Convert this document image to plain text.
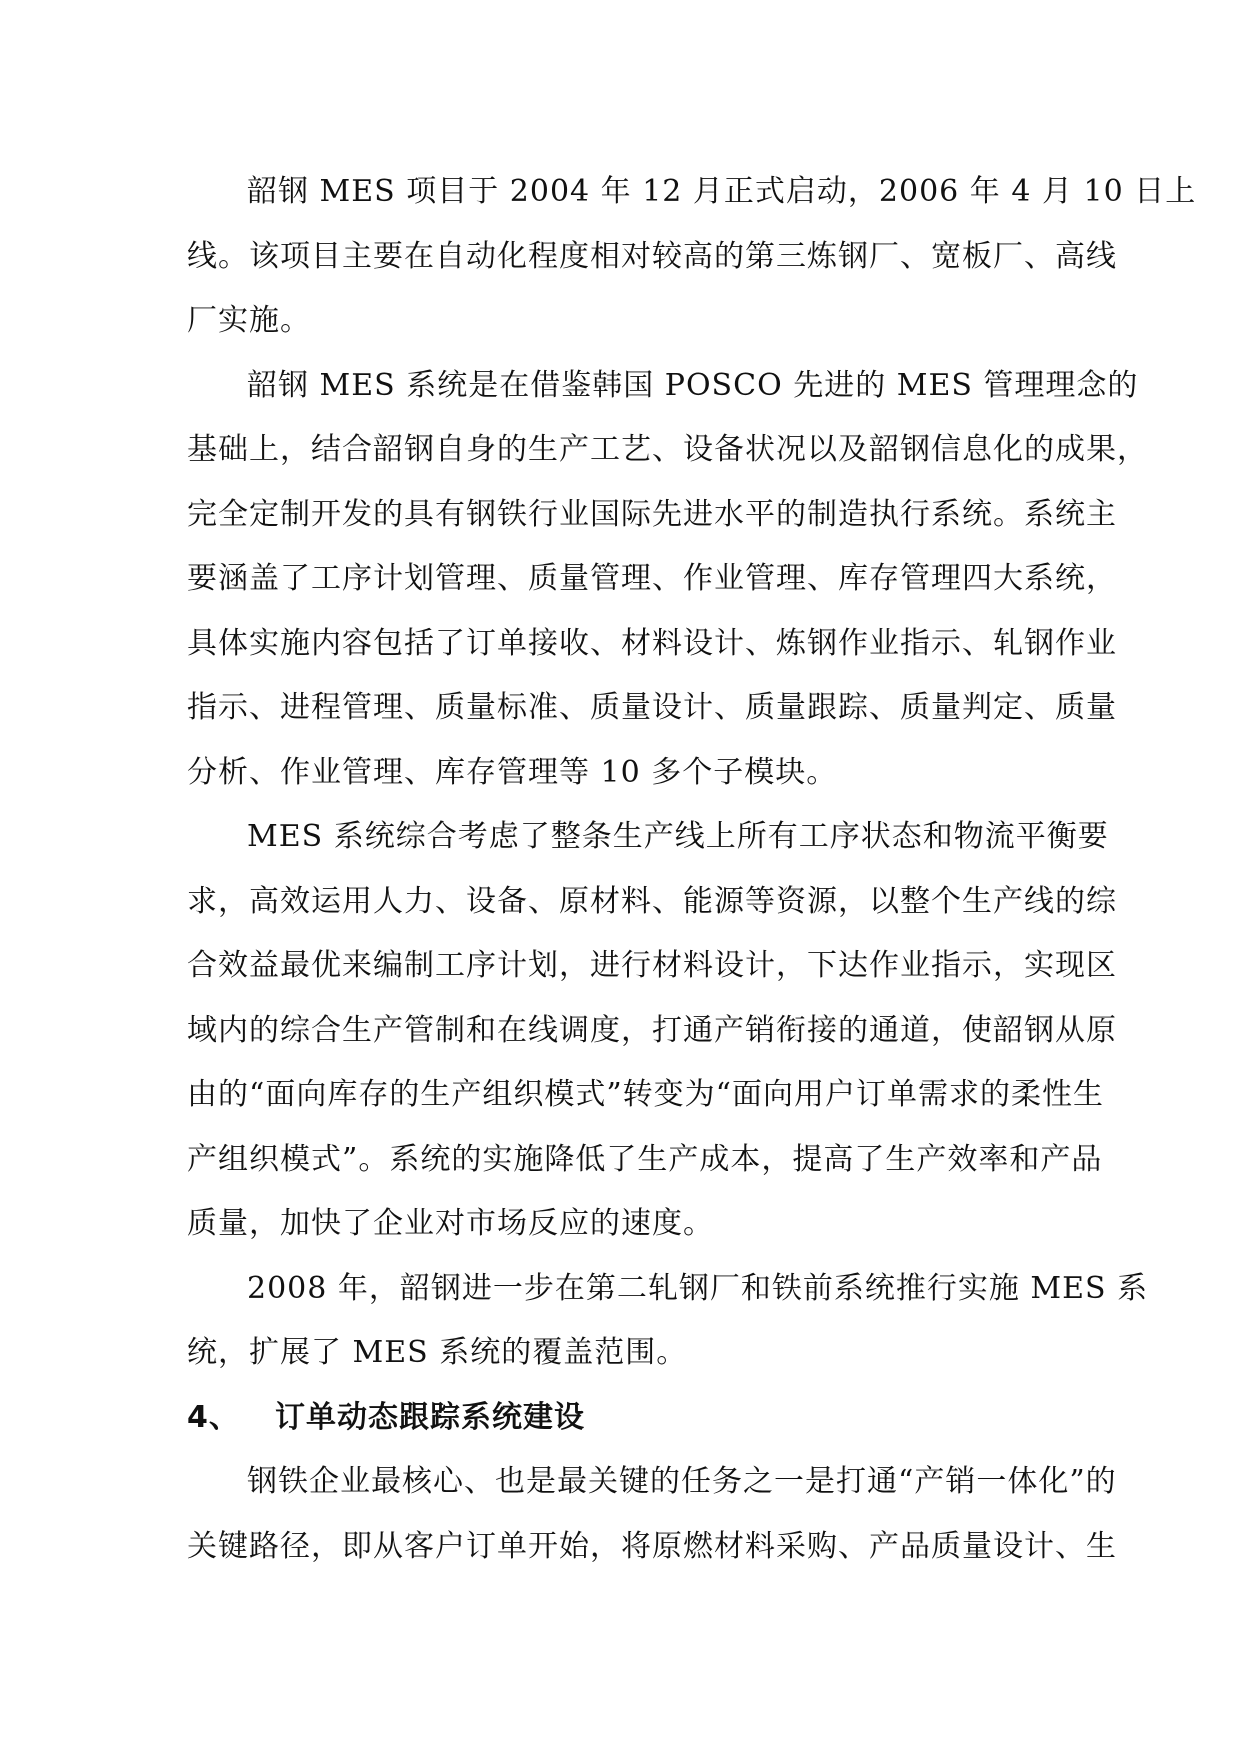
韶钢 MES 项目于 2004 年 12 月正式启动，2006 年 4 月 10 日上
线。该项目主要在自动化程度相对较高的第三炼钢厂、宽板厂、高线
厂实施。
韶钢 MES 系统是在借鉴韩国 POSCO 先进的 MES 管理理念的
基础上，结合韶钢自身的生产工艺、设备状况以及韶钢信息化的成果，
完全定制开发的具有钢铁行业国际先进水平的制造执行系统。系统主
要涵盖了工序计划管理、质量管理、作业管理、库存管理四大系统，
具体实施内容包括了订单接收、材料设计、炼钢作业指示、轧钢作业
指示、进程管理、质量标准、质量设计、质量跟踪、质量判定、质量
分析、作业管理、库存管理等 10 多个子模块。
MES 系统综合考虑了整条生产线上所有工序状态和物流平衡要
求，高效运用人力、设备、原材料、能源等资源，以整个生产线的综
合效益最优来编制工序计划，进行材料设计，下达作业指示，实现区
域内的综合生产管制和在线调度，打通产销衔接的通道，使韶钢从原
由的“面向库存的生产组织模式”转变为“面向用户订单需求的柔性生
产组织模式”。系统的实施降低了生产成本，提高了生产效率和产品
质量，加快了企业对市场反应的速度。
2008 年，韶钢进一步在第二轧钢厂和铁前系统推行实施 MES 系
统，扩展了 MES 系统的覆盖范围。
4、	订单动态跟踪系统建设
钢铁企业最核心、也是最关键的任务之一是打通“产销一体化”的
关键路径，即从客户订单开始，将原燃材料采购、产品质量设计、生
